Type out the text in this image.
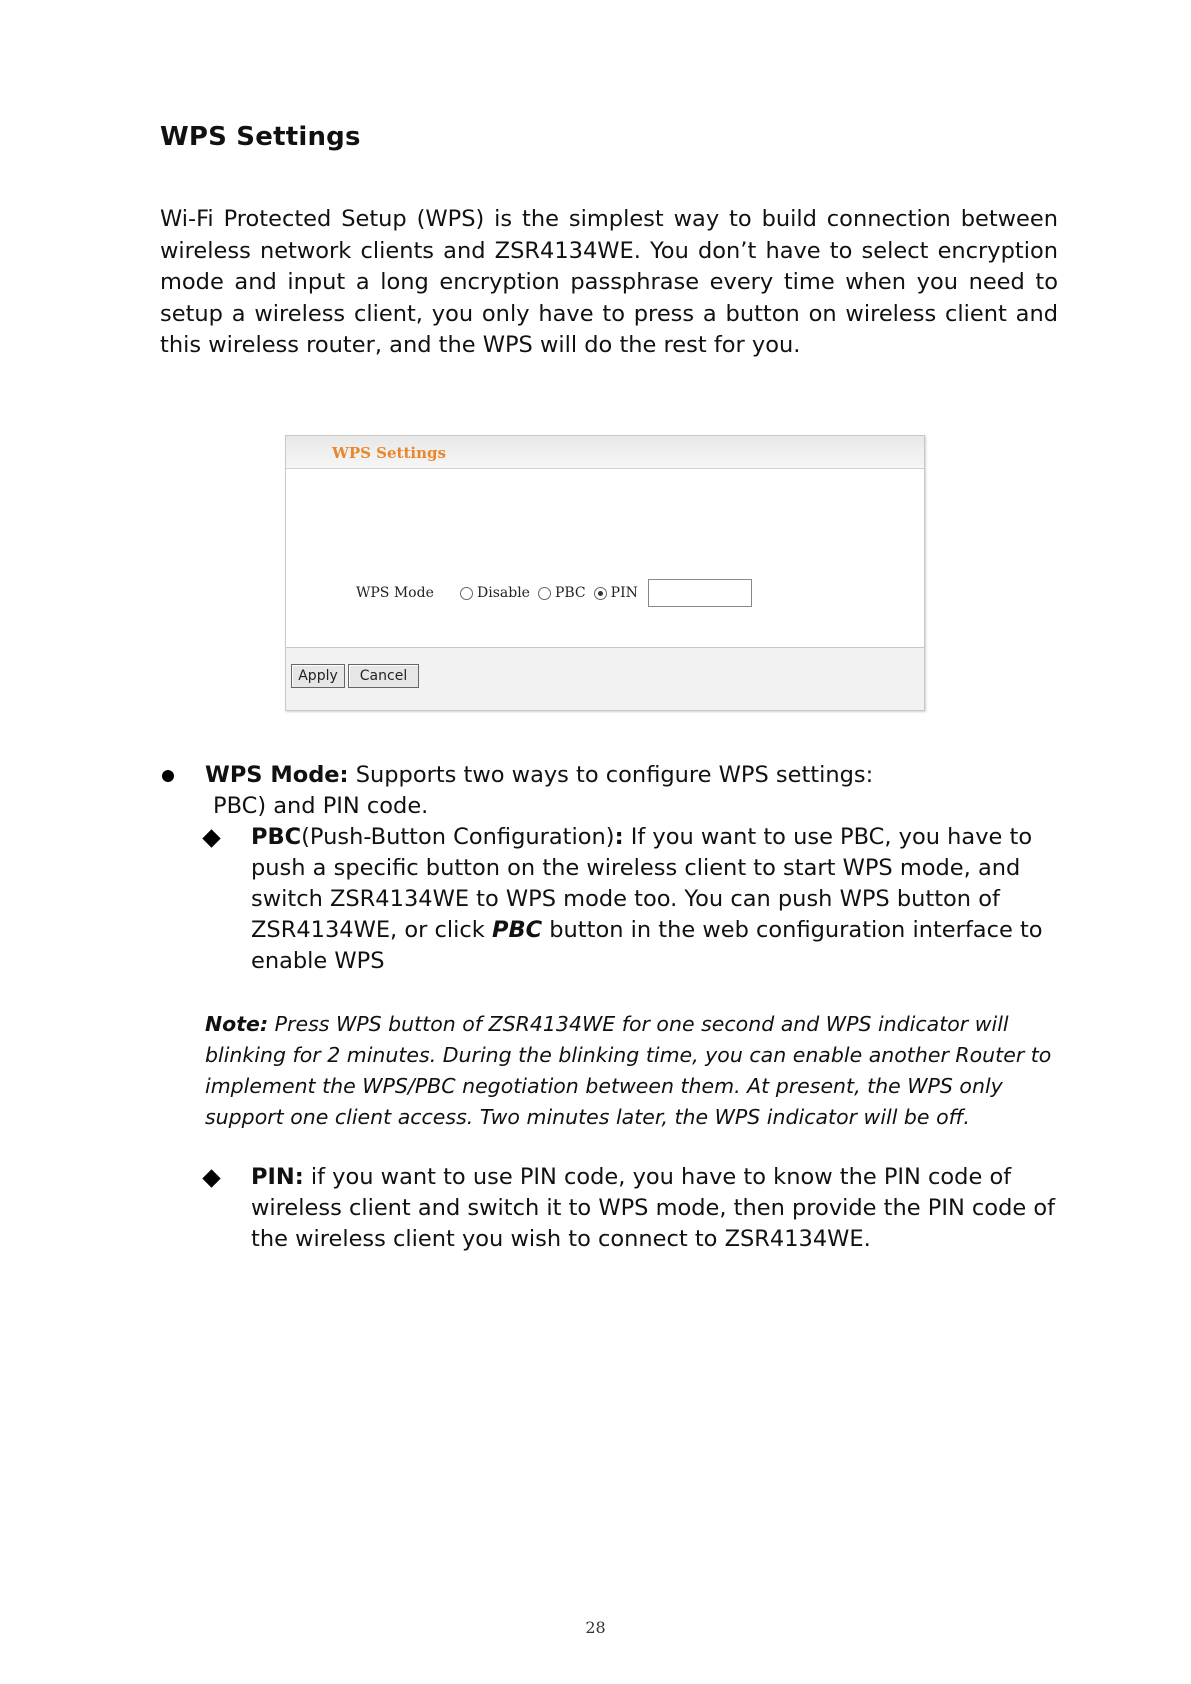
WPS Settings

Wi-Fi Protected Setup (WPS) is the simplest way to build connection between wireless network clients and ZSR4134WE. You don’t have to select encryption mode and input a long encryption passphrase every time when you need to setup a wireless client, you only have to press a button on wireless client and this wireless router, and the WPS will do the rest for you.

WPS Settings
WPS Mode	Disable PBC PIN
Apply	Cancel
WPS Mode: Supports two ways to configure WPS settings:
PBC) and PIN code.

PBC(Push-Button Configuration): If you want to use PBC, you have to push a specific button on the wireless client to start WPS mode, and switch ZSR4134WE to WPS mode too. You can push WPS button of ZSR4134WE, or click PBC button in the web configuration interface to enable WPS

Note: Press WPS button of ZSR4134WE for one second and WPS indicator will blinking for 2 minutes. During the blinking time, you can enable another Router to implement the WPS/PBC negotiation between them. At present, the WPS only support one client access. Two minutes later, the WPS indicator will be off.

PIN: if you want to use PIN code, you have to know the PIN code of wireless client and switch it to WPS mode, then provide the PIN code of the wireless client you wish to connect to ZSR4134WE.

28
